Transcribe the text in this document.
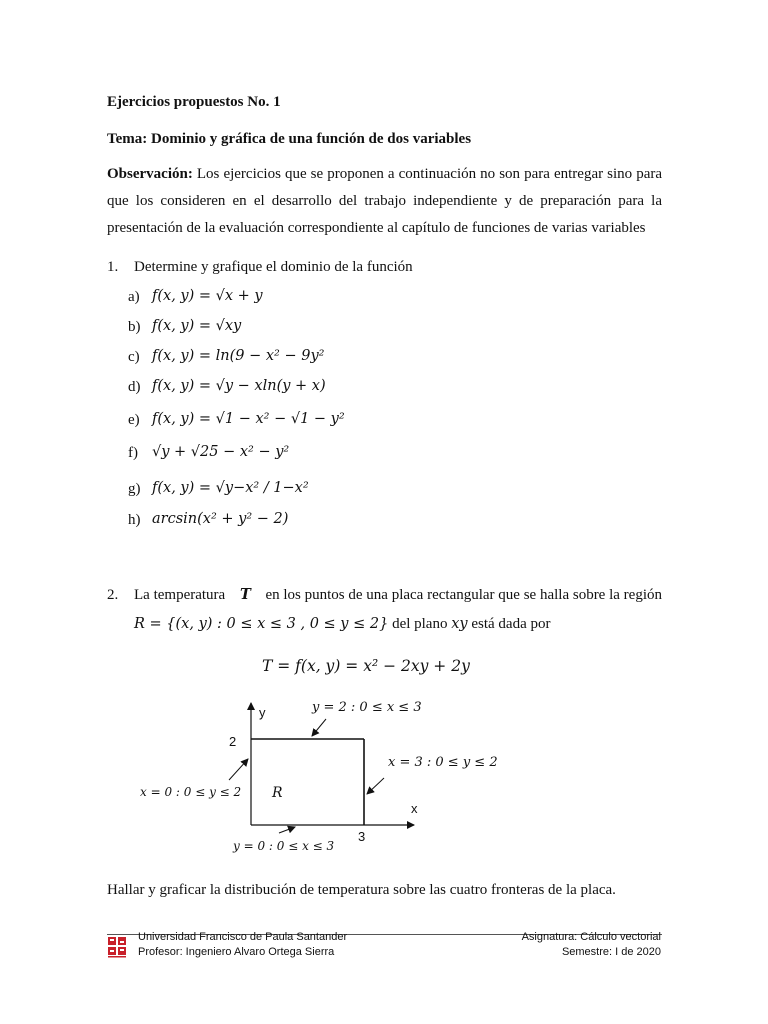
Ejercicios propuestos No. 1
Tema: Dominio y gráfica de una función de dos variables
Observación: Los ejercicios que se proponen a continuación no son para entregar sino para que los consideren en el desarrollo del trabajo independiente y de preparación para la presentación de la evaluación correspondiente al capítulo de funciones de varias variables
1. Determine y grafique el dominio de la función
a) f(x, y) = √x + y
b) f(x, y) = √xy
c) f(x, y) = ln(9 − x² − 9y²
d) f(x, y) = √y − xln(y + x)
e) f(x, y) = √1 − x² − √1 − y²
f) √y + √25 − x² − y²
g) f(x, y) = √y−x² / 1−x²
h) arcsin(x² + y² − 2)
2. La temperatura T en los puntos de una placa rectangular que se halla sobre la región
R = {(x, y) : 0 ≤ x ≤ 3 , 0 ≤ y ≤ 2} del plano xy está dada por
T = f(x, y) = x² − 2xy + 2y
y
x
2
3
R
y = 2 : 0 ≤ x ≤ 3
x = 3 : 0 ≤ y ≤ 2
x = 0 : 0 ≤ y ≤ 2
y = 0 : 0 ≤ x ≤ 3
Hallar y graficar la distribución de temperatura sobre las cuatro fronteras de la placa.
Universidad Francisco de Paula Santander
Profesor: Ingeniero Alvaro Ortega Sierra
Asignatura: Cálculo vectorial
Semestre: I de 2020
